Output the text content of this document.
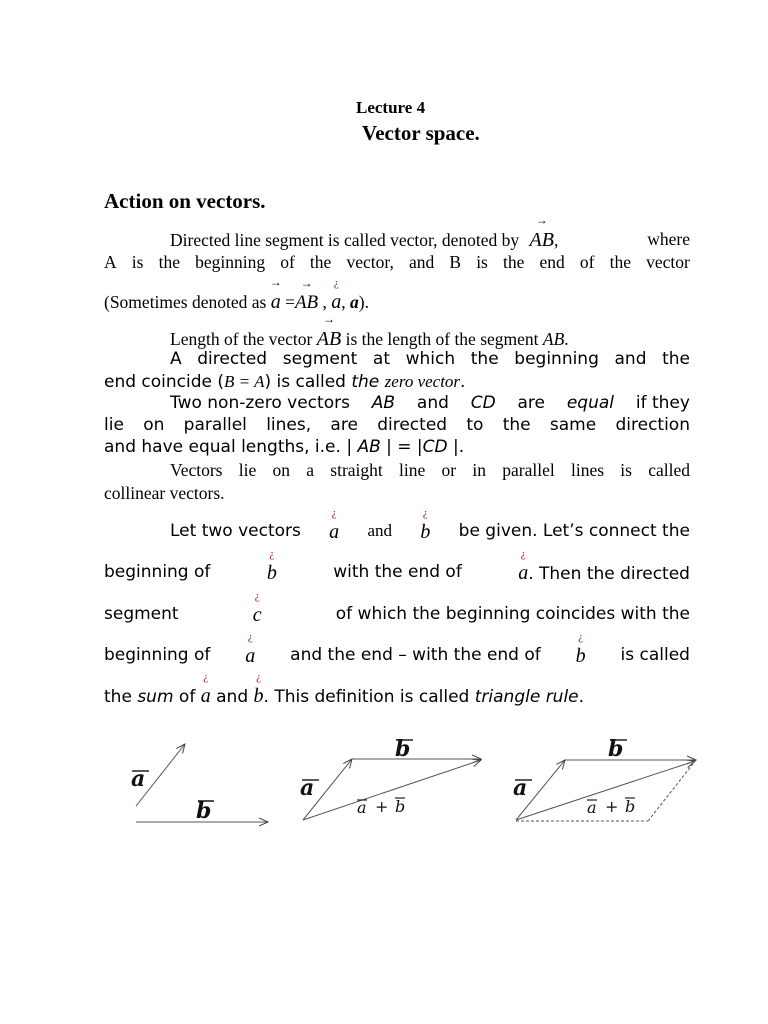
Lecture 4
Vector space.
Action on vectors.
Directed line segment is called vector, denoted by
→
AB,	where
A is the beginning of the vector, and B is the end of the vector
(Sometimes denoted as
→
a =
→
AB ,
¿
a, a).
Length of the vector
→
AB is the length of the segment AB.
A directed segment at which the beginning and the
end coincide (B = A) is called the zero vector.
Two non-zero vectors AB and CD are equal if they
lie on parallel lines, are directed to the same direction
and have equal lengths, i.e. | AB | = |CD |.
Vectors lie on a straight line or in parallel lines is called
collinear vectors.
Let two vectors
¿
a and
¿
b be given. Let’s connect the
beginning of
¿
b	with the end of
¿
a. Then the directed
segment
¿
c	of which the beginning coincides with the
beginning of
¿
a and the end – with the end of
¿
b is called
the sum of
¿
a and
¿
b. This definition is called triangle rule.
a
b
a
b
a
b
a + b	a + b
